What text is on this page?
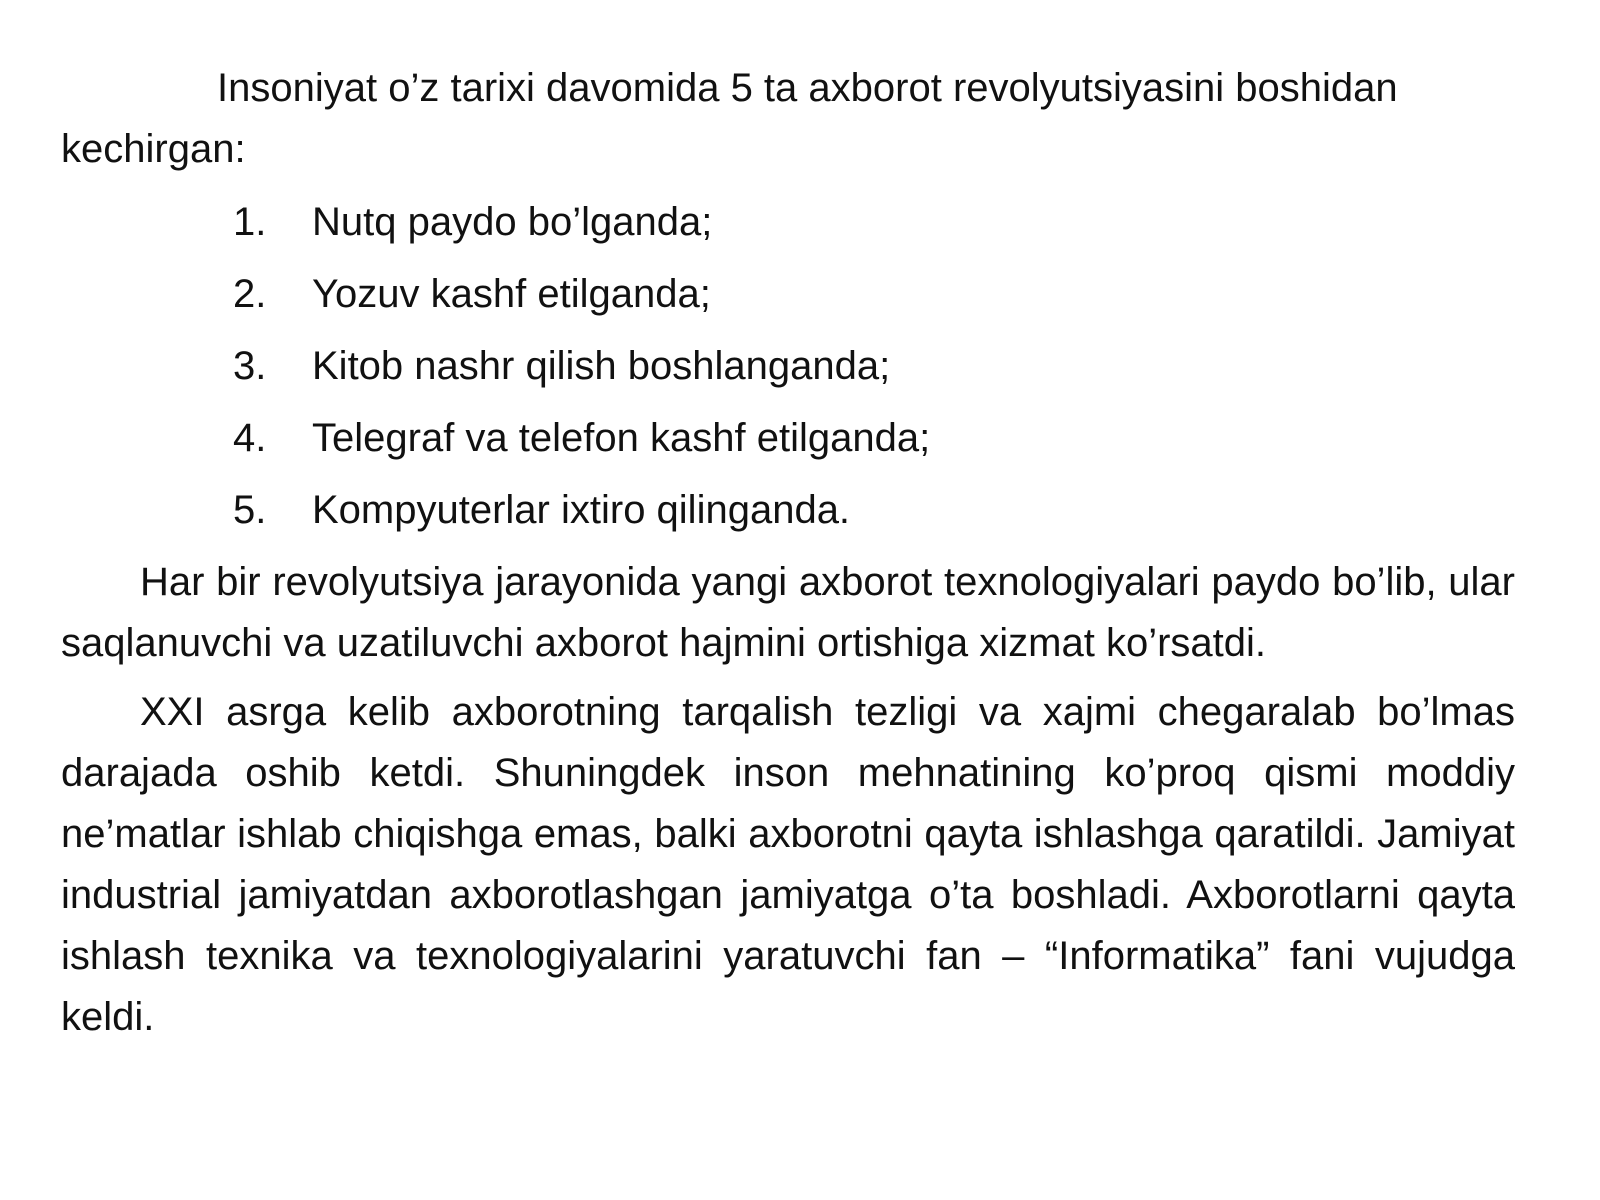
Insoniyat o’z tarixi davomida 5 ta axborot revolyutsiyasini boshidan kechirgan:

1.	Nutq paydo bo’lganda;
2.	Yozuv kashf etilganda;
3.	Kitob nashr qilish boshlanganda;
4.	Telegraf va telefon kashf etilganda;
5.	Kompyuterlar ixtiro qilinganda.

Har bir revolyutsiya jarayonida yangi axborot texnologiyalari paydo bo’lib, ular saqlanuvchi va uzatiluvchi axborot hajmini ortishiga xizmat ko’rsatdi.

XXI asrga kelib axborotning tarqalish tezligi va xajmi chegaralab bo’lmas darajada oshib ketdi. Shuningdek inson mehnatining ko’proq qismi moddiy ne’matlar ishlab chiqishga emas, balki axborotni qayta ishlashga qaratildi. Jamiyat industrial jamiyatdan axborotlashgan jamiyatga o’ta boshladi. Axborotlarni qayta ishlash texnika va texnologiyalarini yaratuvchi fan – “Informatika” fani vujudga keldi.
